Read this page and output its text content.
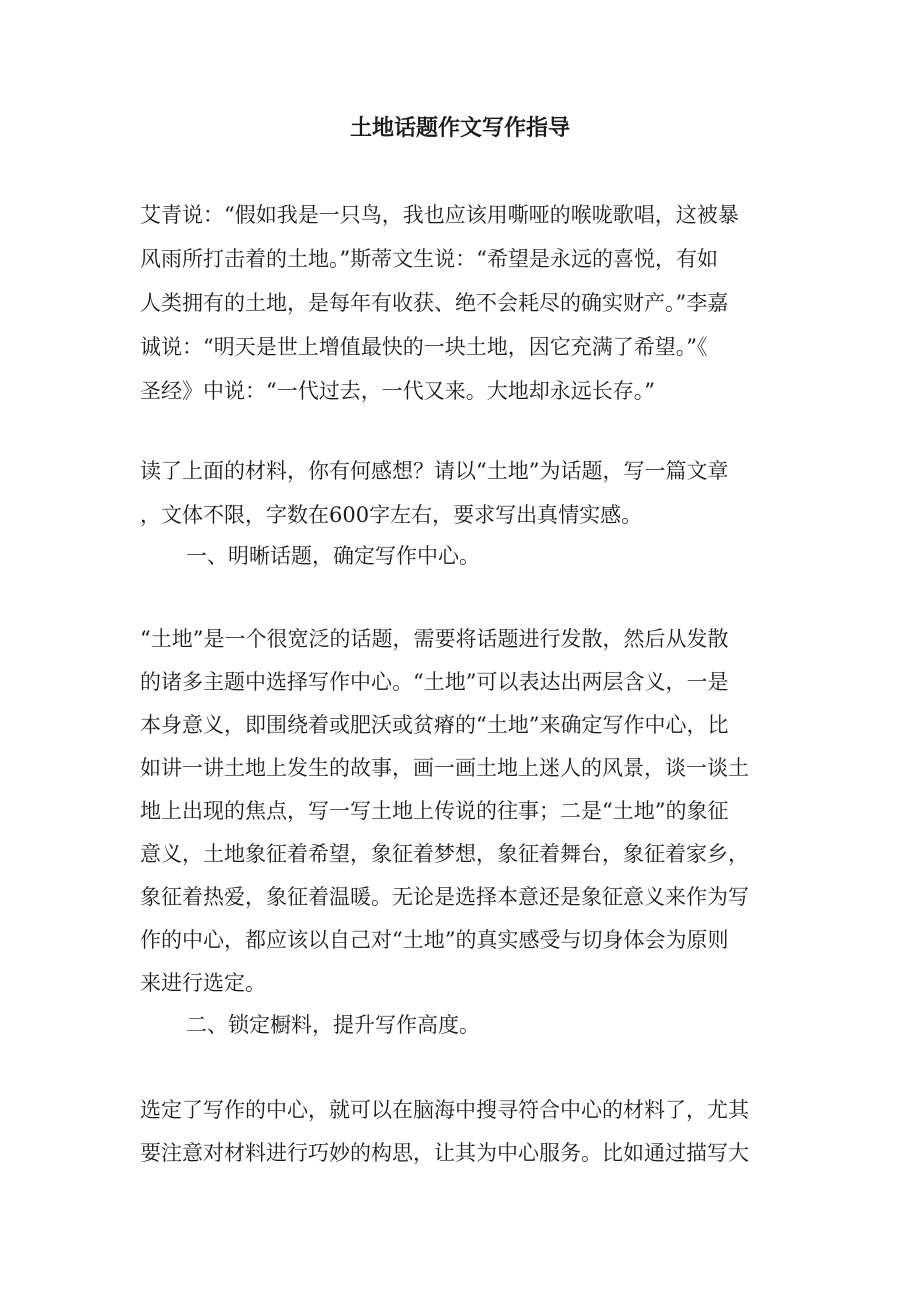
土地话题作文写作指导

艾青说：“假如我是一只鸟，我也应该用嘶哑的喉咙歌唱，这被暴

风雨所打击着的土地。”斯蒂文生说：“希望是永远的喜悦，有如

人类拥有的土地，是每年有收获、绝不会耗尽的确实财产。”李嘉

诚说：“明天是世上增值最快的一块土地，因它充满了希望。”《

圣经》中说：“一代过去，一代又来。大地却永远长存。”

读了上面的材料，你有何感想？请以“土地”为话题，写一篇文章

，文体不限，字数在600字左右，要求写出真情实感。

一、明晰话题，确定写作中心。

“土地”是一个很宽泛的话题，需要将话题进行发散，然后从发散

的诸多主题中选择写作中心。“土地”可以表达出两层含义，一是

本身意义，即围绕着或肥沃或贫瘠的“土地”来确定写作中心，比

如讲一讲土地上发生的故事，画一画土地上迷人的风景，谈一谈土

地上出现的焦点，写一写土地上传说的往事；二是“土地”的象征

意义，土地象征着希望，象征着梦想，象征着舞台，象征着家乡，

象征着热爱，象征着温暖。无论是选择本意还是象征意义来作为写

作的中心，都应该以自己对“土地”的真实感受与切身体会为原则

来进行选定。

二、锁定橱料，提升写作高度。

选定了写作的中心，就可以在脑海中搜寻符合中心的材料了，尤其

要注意对材料进行巧妙的构思，让其为中心服务。比如通过描写大
